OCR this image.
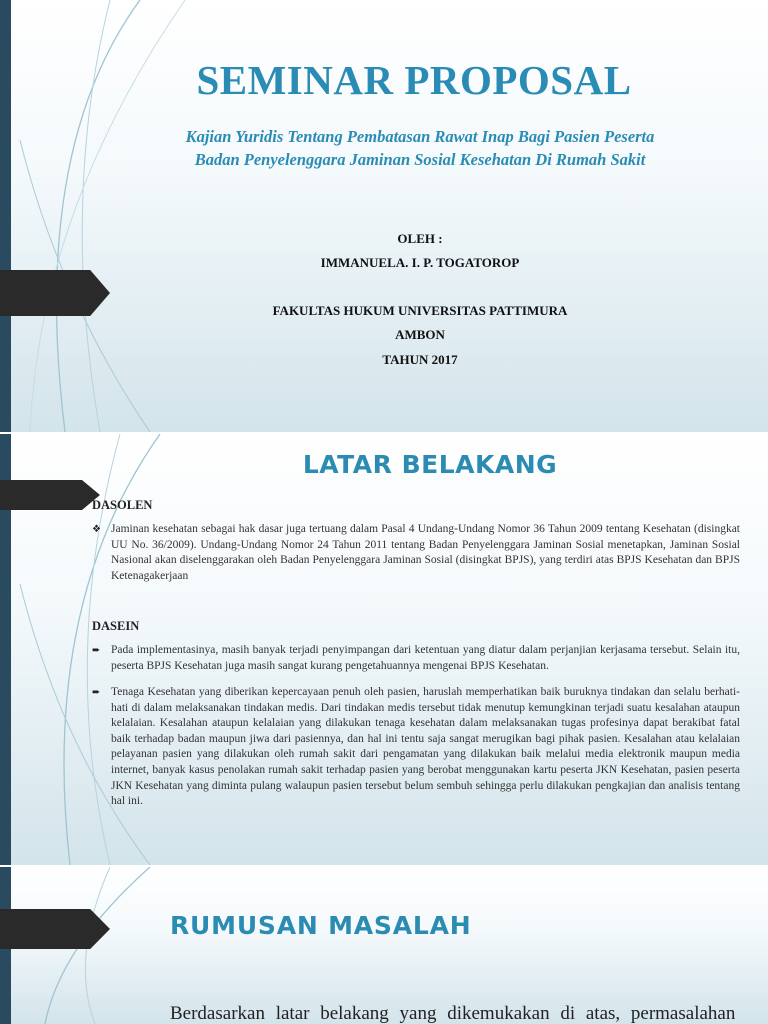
SEMINAR PROPOSAL
Kajian Yuridis Tentang Pembatasan Rawat Inap Bagi Pasien Peserta
Badan Penyelenggara Jaminan Sosial Kesehatan Di Rumah Sakit
OLEH :
IMMANUELA. I. P. TOGATOROP
FAKULTAS HUKUM UNIVERSITAS PATTIMURA
AMBON
TAHUN 2017
LATAR BELAKANG
DASOLEN
❖ Jaminan kesehatan sebagai hak dasar juga tertuang dalam Pasal 4 Undang-Undang Nomor 36 Tahun 2009 tentang Kesehatan (disingkat UU No. 36/2009). Undang-Undang Nomor 24 Tahun 2011 tentang Badan Penyelenggara Jaminan Sosial menetapkan, Jaminan Sosial Nasional akan diselenggarakan oleh Badan Penyelenggara Jaminan Sosial (disingkat BPJS), yang terdiri atas BPJS Kesehatan dan BPJS Ketenagakerjaan
DASEIN
➨ Pada implementasinya, masih banyak terjadi penyimpangan dari ketentuan yang diatur dalam perjanjian kerjasama tersebut. Selain itu, peserta BPJS Kesehatan juga masih sangat kurang pengetahuannya mengenai BPJS Kesehatan.
➨ Tenaga Kesehatan yang diberikan kepercayaan penuh oleh pasien, haruslah memperhatikan baik buruknya tindakan dan selalu berhati-hati di dalam melaksanakan tindakan medis. Dari tindakan medis tersebut tidak menutup kemungkinan terjadi suatu kesalahan ataupun kelalaian. Kesalahan ataupun kelalaian yang dilakukan tenaga kesehatan dalam melaksanakan tugas profesinya dapat berakibat fatal baik terhadap badan maupun jiwa dari pasiennya, dan hal ini tentu saja sangat merugikan bagi pihak pasien. Kesalahan atau kelalaian pelayanan pasien yang dilakukan oleh rumah sakit dari pengamatan yang dilakukan baik melalui media elektronik maupun media internet, banyak kasus penolakan rumah sakit terhadap pasien yang berobat menggunakan kartu peserta JKN Kesehatan, pasien peserta JKN Kesehatan yang diminta pulang walaupun pasien tersebut belum sembuh sehingga perlu dilakukan pengkajian dan analisis tentang hal ini.
RUMUSAN MASALAH
Berdasarkan latar belakang yang dikemukakan di atas, permasalahan
